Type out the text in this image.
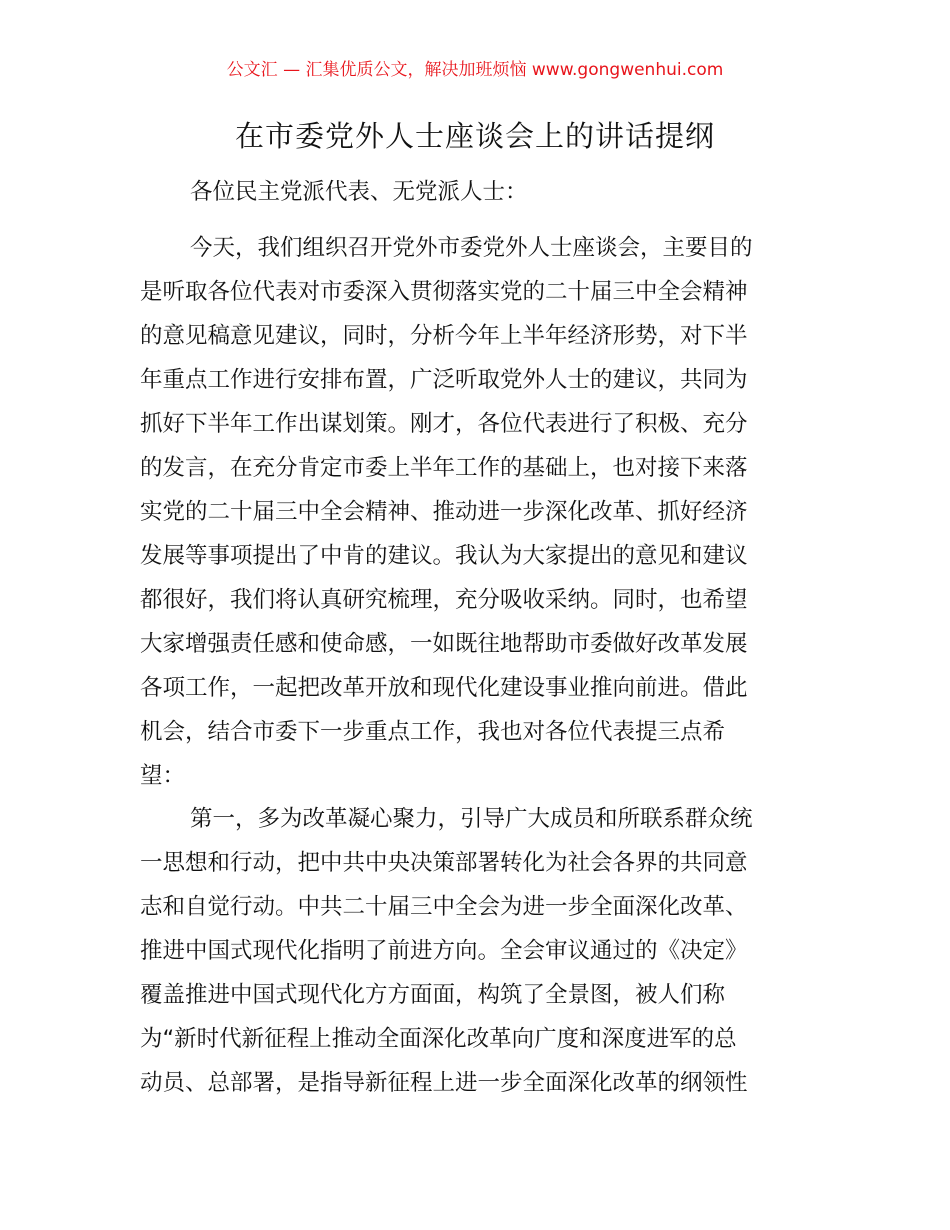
公文汇 — 汇集优质公文，解决加班烦恼 www.gongwenhui.com
在市委党外人士座谈会上的讲话提纲
各位民主党派代表、无党派人士：
今天，我们组织召开党外市委党外人士座谈会，主要目的
是听取各位代表对市委深入贯彻落实党的二十届三中全会精神
的意见稿意见建议，同时，分析今年上半年经济形势，对下半
年重点工作进行安排布置，广泛听取党外人士的建议，共同为
抓好下半年工作出谋划策。刚才，各位代表进行了积极、充分
的发言，在充分肯定市委上半年工作的基础上，也对接下来落
实党的二十届三中全会精神、推动进一步深化改革、抓好经济
发展等事项提出了中肯的建议。我认为大家提出的意见和建议
都很好，我们将认真研究梳理，充分吸收采纳。同时，也希望
大家增强责任感和使命感，一如既往地帮助市委做好改革发展
各项工作，一起把改革开放和现代化建设事业推向前进。借此
机会，结合市委下一步重点工作，我也对各位代表提三点希
望：
第一，多为改革凝心聚力，引导广大成员和所联系群众统
一思想和行动，把中共中央决策部署转化为社会各界的共同意
志和自觉行动。中共二十届三中全会为进一步全面深化改革、
推进中国式现代化指明了前进方向。全会审议通过的《决定》
覆盖推进中国式现代化方方面面，构筑了全景图，被人们称
为“新时代新征程上推动全面深化改革向广度和深度进军的总
动员、总部署，是指导新征程上进一步全面深化改革的纲领性
